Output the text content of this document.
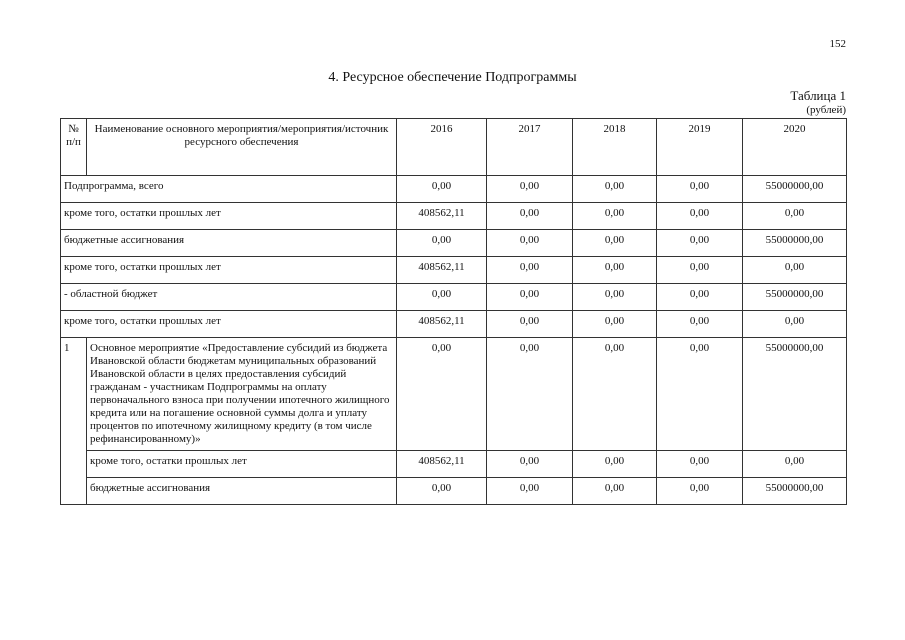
152
4. Ресурсное обеспечение Подпрограммы
Таблица 1
(рублей)
№ п/п	Наименование основного мероприятия/мероприятия/источник ресурсного обеспечения	2016	2017	2018	2019	2020
Подпрограмма, всего		0,00	0,00	0,00	0,00	55000000,00
кроме того, остатки прошлых лет		408562,11	0,00	0,00	0,00	0,00
бюджетные ассигнования		0,00	0,00	0,00	0,00	55000000,00
кроме того, остатки прошлых лет		408562,11	0,00	0,00	0,00	0,00
- областной бюджет		0,00	0,00	0,00	0,00	55000000,00
кроме того, остатки прошлых лет		408562,11	0,00	0,00	0,00	0,00
1	Основное мероприятие «Предоставление субсидий из бюджета Ивановской области бюджетам муниципальных образований Ивановской области в целях предоставления субсидий гражданам - участникам Подпрограммы на оплату первоначального взноса при получении ипотечного жилищного кредита или на погашение основной суммы долга и уплату процентов по ипотечному жилищному кредиту (в том числе рефинансированному)»	0,00	0,00	0,00	0,00	55000000,00
	кроме того, остатки прошлых лет	408562,11	0,00	0,00	0,00	0,00
	бюджетные ассигнования	0,00	0,00	0,00	0,00	55000000,00
